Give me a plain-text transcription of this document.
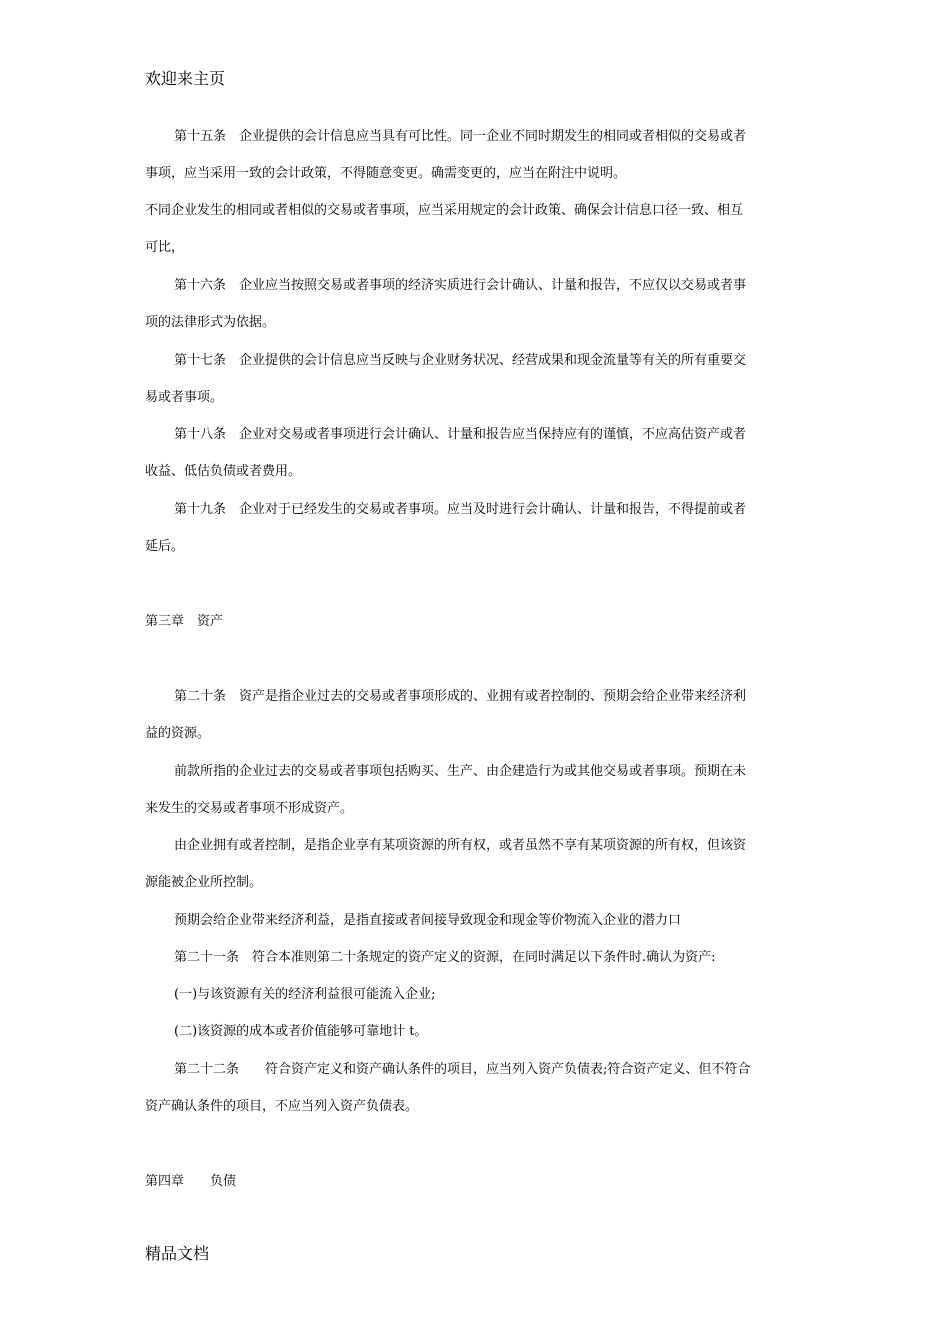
欢迎来主页
第十五条　企业提供的会计信息应当具有可比性。同一企业不同时期发生的相同或者相似的交易或者
事项，应当采用一致的会计政策，不得随意变更。确需变更的，应当在附注中说明。
不同企业发生的相同或者相似的交易或者事项，应当采用规定的会计政策、确保会计信息口径一致、相互
可比，
第十六条　企业应当按照交易或者事项的经济实质进行会计确认、计量和报告，不应仅以交易或者事
项的法律形式为依据。
第十七条　企业提供的会计信息应当反映与企业财务状况、经营成果和现金流量等有关的所有重要交
易或者事项。
第十八条　企业对交易或者事项进行会计确认、计量和报告应当保持应有的谨慎，不应高估资产或者
收益、低估负债或者费用。
第十九条　企业对于已经发生的交易或者事项。应当及时进行会计确认、计量和报告，不得提前或者
延后。
第三章　资产
第二十条　资产是指企业过去的交易或者事项形成的、业拥有或者控制的、预期会给企业带来经济利
益的资源。
前款所指的企业过去的交易或者事项包括购买、生产、由企建造行为或其他交易或者事项。预期在未
来发生的交易或者事项不形成资产。
由企业拥有或者控制，是指企业享有某项资源的所有权，或者虽然不享有某项资源的所有权，但该资
源能被企业所控制。
预期会给企业带来经济利益，是指直接或者间接导致现金和现金等价物流入企业的潜力口
第二十一条　符合本准则第二十条规定的资产定义的资源，在同时满足以下条件时.确认为资产:
(一)与该资源有关的经济利益很可能流入企业;
(二)该资源的成本或者价值能够可靠地计 t。
第二十二条　　符合资产定义和资产确认条件的项目，应当列入资产负债表;符合资产定义、但不符合
资产确认条件的项目，不应当列入资产负债表。
第四章　　负债
精品文档
